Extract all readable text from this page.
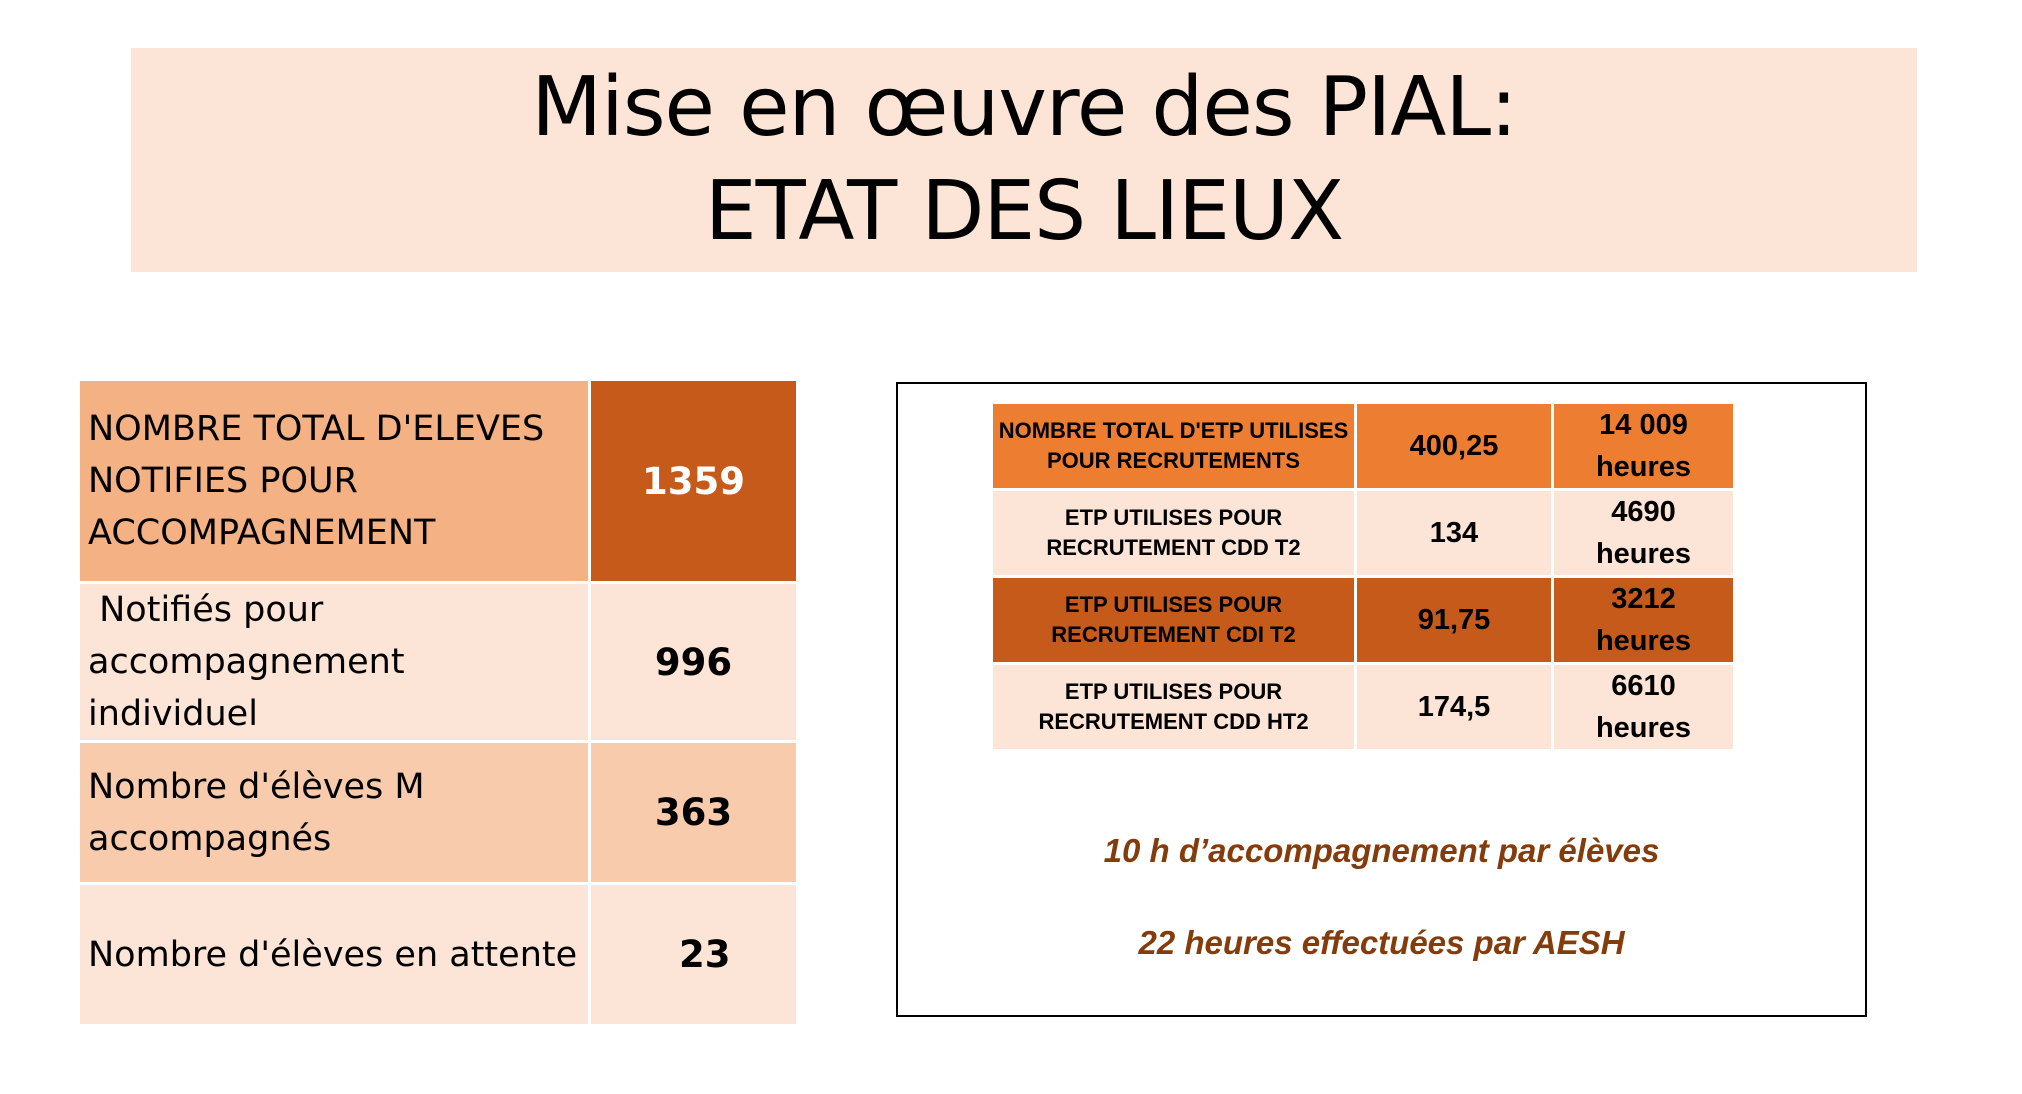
Mise en œuvre des PIAL:
ETAT DES LIEUX
NOMBRE TOTAL D'ELEVES NOTIFIES POUR ACCOMPAGNEMENT	1359
Notifiés pour accompagnement individuel	996
Nombre d'élèves M accompagnés	363
Nombre d'élèves en attente	23
NOMBRE TOTAL D'ETP UTILISES POUR RECRUTEMENTS	400,25	14 009
heures
ETP UTILISES POUR RECRUTEMENT CDD T2	134	4690
heures
ETP UTILISES POUR RECRUTEMENT CDI T2	91,75	3212
heures
ETP UTILISES POUR RECRUTEMENT CDD HT2	174,5	6610
heures
10 h d’accompagnement par élèves
22 heures effectuées par AESH
